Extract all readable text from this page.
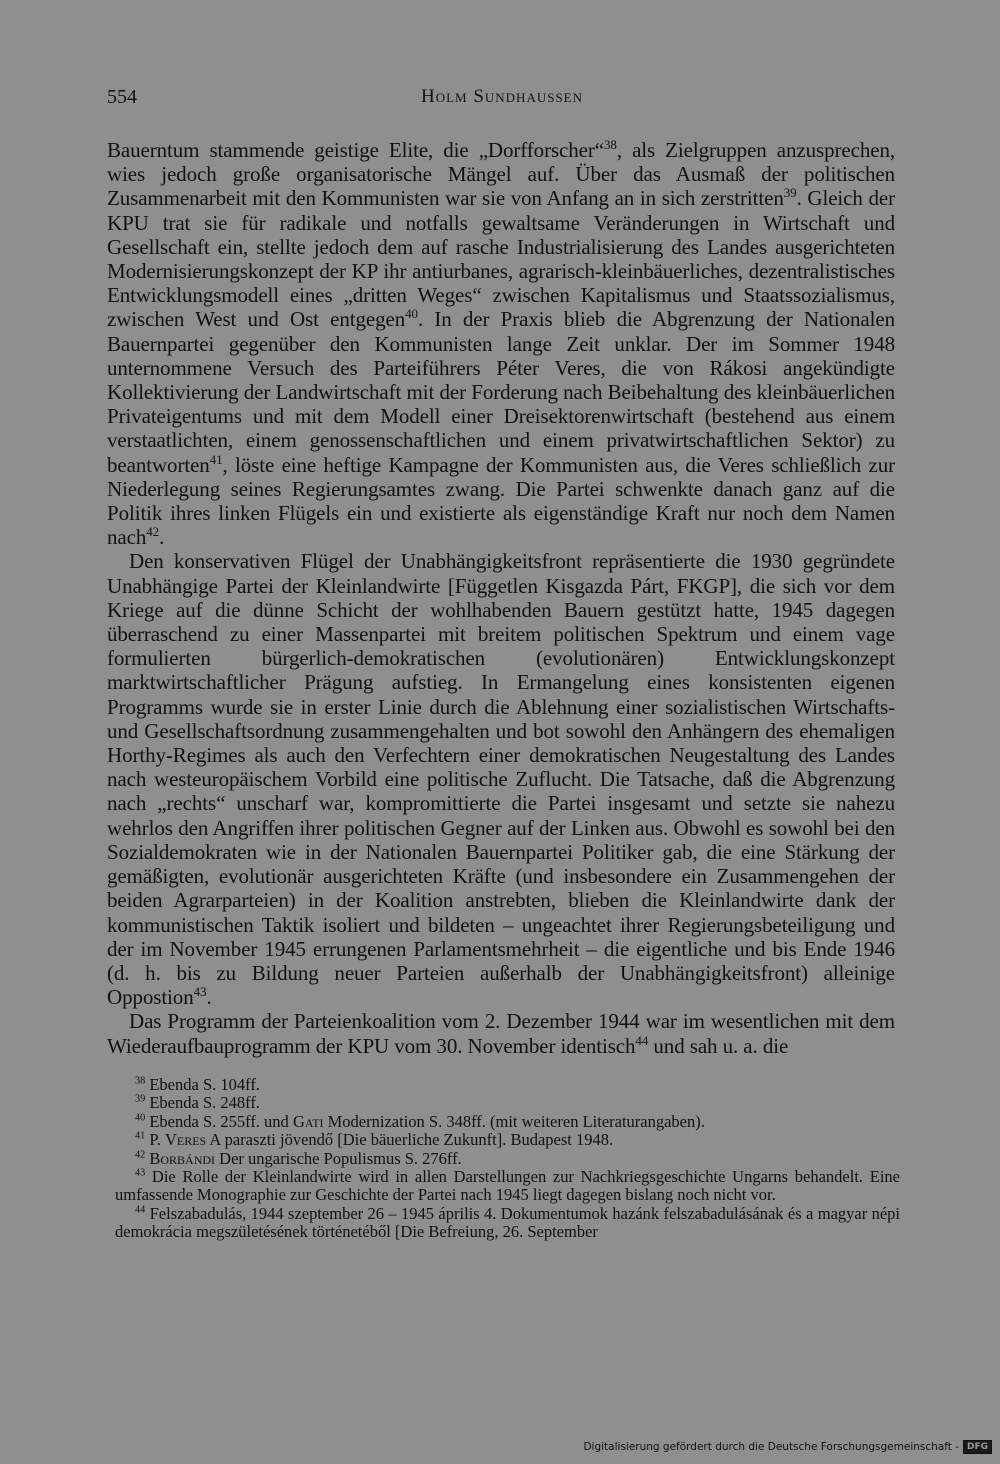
554	Holm Sundhaussen

Bauerntum stammende geistige Elite, die „Dorfforscher“$^{38}$, als Zielgruppen anzusprechen, wies jedoch große organisatorische Mängel auf. Über das Ausmaß der politischen Zusammenarbeit mit den Kommunisten war sie von Anfang an in sich zerstritten$^{39}$. Gleich der KPU trat sie für radikale und notfalls gewaltsame Veränderungen in Wirtschaft und Gesellschaft ein, stellte jedoch dem auf rasche Industrialisierung des Landes ausgerichteten Modernisierungskonzept der KP ihr antiurbanes, agrarisch-kleinbäuerliches, dezentralistisches Entwicklungsmodell eines „dritten Weges“ zwischen Kapitalismus und Staatssozialismus, zwischen West und Ost entgegen$^{40}$. In der Praxis blieb die Abgrenzung der Nationalen Bauernpartei gegenüber den Kommunisten lange Zeit unklar. Der im Sommer 1948 unternommene Versuch des Parteiführers Péter Veres, die von Rákosi angekündigte Kollektivierung der Landwirtschaft mit der Forderung nach Beibehaltung des kleinbäuerlichen Privateigentums und mit dem Modell einer Dreisektorenwirtschaft (bestehend aus einem verstaatlichten, einem genossenschaftlichen und einem privatwirtschaftlichen Sektor) zu beantworten$^{41}$, löste eine heftige Kampagne der Kommunisten aus, die Veres schließlich zur Niederlegung seines Regierungsamtes zwang. Die Partei schwenkte danach ganz auf die Politik ihres linken Flügels ein und existierte als eigenständige Kraft nur noch dem Namen nach$^{42}$.

Den konservativen Flügel der Unabhängigkeitsfront repräsentierte die 1930 gegründete Unabhängige Partei der Kleinlandwirte [Független Kisgazda Párt, FKGP], die sich vor dem Kriege auf die dünne Schicht der wohlhabenden Bauern gestützt hatte, 1945 dagegen überraschend zu einer Massenpartei mit breitem politischen Spektrum und einem vage formulierten bürgerlich-demokratischen (evolutionären) Entwicklungskonzept marktwirtschaftlicher Prägung aufstieg. In Ermangelung eines konsistenten eigenen Programms wurde sie in erster Linie durch die Ablehnung einer sozialistischen Wirtschafts- und Gesellschaftsordnung zusammengehalten und bot sowohl den Anhängern des ehemaligen Horthy-Regimes als auch den Verfechtern einer demokratischen Neugestaltung des Landes nach westeuropäischem Vorbild eine politische Zuflucht. Die Tatsache, daß die Abgrenzung nach „rechts“ unscharf war, kompromittierte die Partei insgesamt und setzte sie nahezu wehrlos den Angriffen ihrer politischen Gegner auf der Linken aus. Obwohl es sowohl bei den Sozialdemokraten wie in der Nationalen Bauernpartei Politiker gab, die eine Stärkung der gemäßigten, evolutionär ausgerichteten Kräfte (und insbesondere ein Zusammengehen der beiden Agrarparteien) in der Koalition anstrebten, blieben die Kleinlandwirte dank der kommunistischen Taktik isoliert und bildeten – ungeachtet ihrer Regierungsbeteiligung und der im November 1945 errungenen Parlamentsmehrheit – die eigentliche und bis Ende 1946 (d. h. bis zu Bildung neuer Parteien außerhalb der Unabhängigkeitsfront) alleinige Oppostion$^{43}$.

Das Programm der Parteienkoalition vom 2. Dezember 1944 war im wesentlichen mit dem Wiederaufbauprogramm der KPU vom 30. November identisch$^{44}$ und sah u. a. die

$^{38}$ Ebenda S. 104ff.

$^{39}$ Ebenda S. 248ff.

$^{40}$ Ebenda S. 255ff. und Gati Modernization S. 348ff. (mit weiteren Literaturangaben).

$^{41}$ P. Veres A paraszti jövendő [Die bäuerliche Zukunft]. Budapest 1948.

$^{42}$ Borbándi Der ungarische Populismus S. 276ff.

$^{43}$ Die Rolle der Kleinlandwirte wird in allen Darstellungen zur Nachkriegsgeschichte Ungarns behandelt. Eine umfassende Monographie zur Geschichte der Partei nach 1945 liegt dagegen bislang noch nicht vor.

$^{44}$ Felszabadulás, 1944 szeptember 26 – 1945 április 4. Dokumentumok hazánk felszabadulásának és a magyar népi demokrácia megszületésének történetéből [Die Befreiung, 26. September

Digitalisierung gefördert durch die Deutsche Forschungsgemeinschaft - DFG
